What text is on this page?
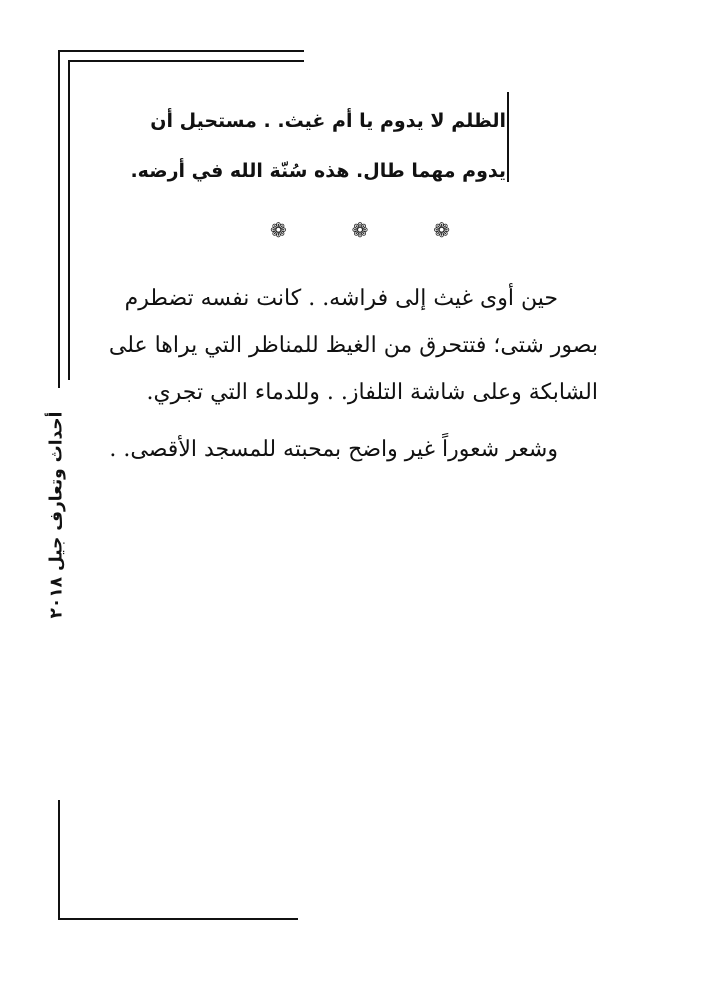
الظلم لا يدوم يا أم غيث. . مستحيل أن

يدوم مهما طال. هذه سُنّة الله في أرضه.

❁	❁	❁

حين أوى غيث إلى فراشه. . كانت نفسه تضطرم بصور شتى؛ فتتحرق من الغيظ للمناظر التي يراها على الشابكة وعلى شاشة التلفاز. . وللدماء التي تجري.

وشعر شعوراً غير واضح بمحبته للمسجد الأقصى. .

أحداث وتعارف جيل ٢٠١٨
